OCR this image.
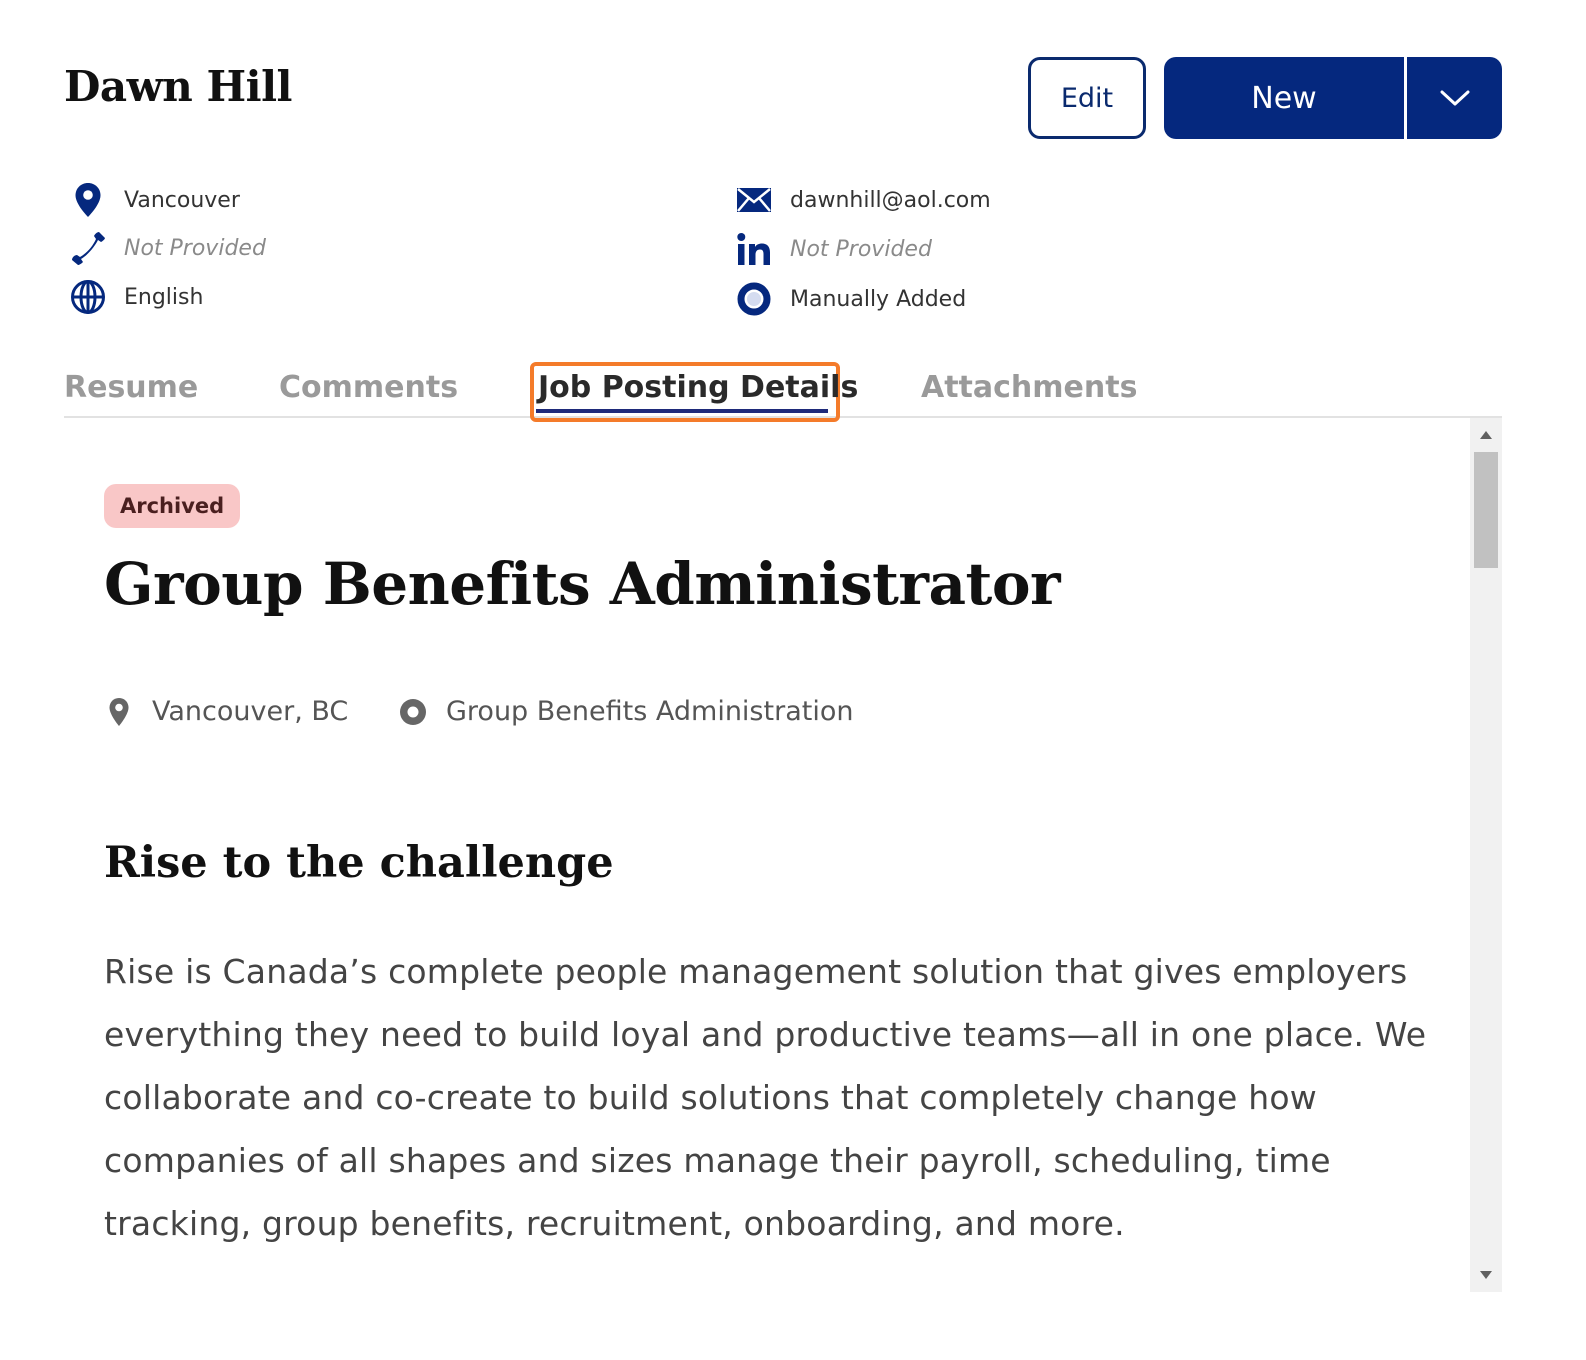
Dawn Hill	Edit	New
Vancouver
Not Provided
English
dawnhill@aol.com
Not Provided
Manually Added
Resume	Comments	Job Posting Details Attachments
Archived
Group Benefits Administrator
Vancouver, BC	Group Benefits Administration
Rise to the challenge
Rise is Canada’s complete people management solution that gives employers everything they need to build loyal and productive teams—all in one place. We collaborate and co-create to build solutions that completely change how companies of all shapes and sizes manage their payroll, scheduling, time tracking, group benefits, recruitment, onboarding, and more.
